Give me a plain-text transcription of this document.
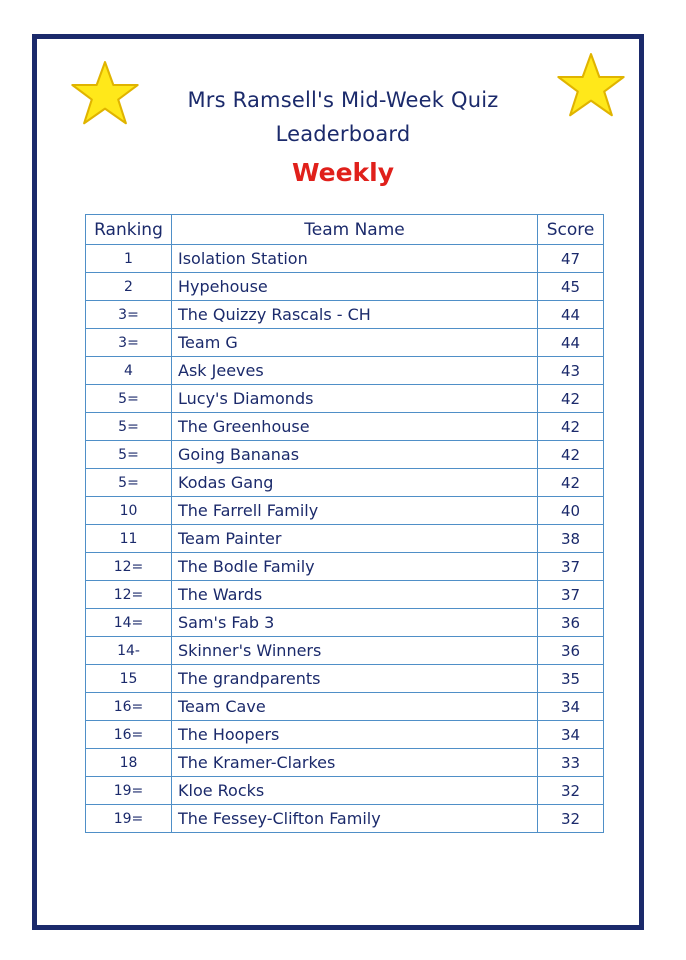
Mrs Ramsell's Mid-Week Quiz
Leaderboard
Weekly
Ranking	Team Name	Score
1	Isolation Station	47
2	Hypehouse	45
3=	The Quizzy Rascals - CH	44
3=	Team G	44
4	Ask Jeeves	43
5=	Lucy's Diamonds	42
5=	The Greenhouse	42
5=	Going Bananas	42
5=	Kodas Gang	42
10	The Farrell Family	40
11	Team Painter	38
12=	The Bodle Family	37
12=	The Wards	37
14=	Sam's Fab 3	36
14-	Skinner's Winners	36
15	The grandparents	35
16=	Team Cave	34
16=	The Hoopers	34
18	The Kramer-Clarkes	33
19=	Kloe Rocks	32
19=	The Fessey-Clifton Family	32
